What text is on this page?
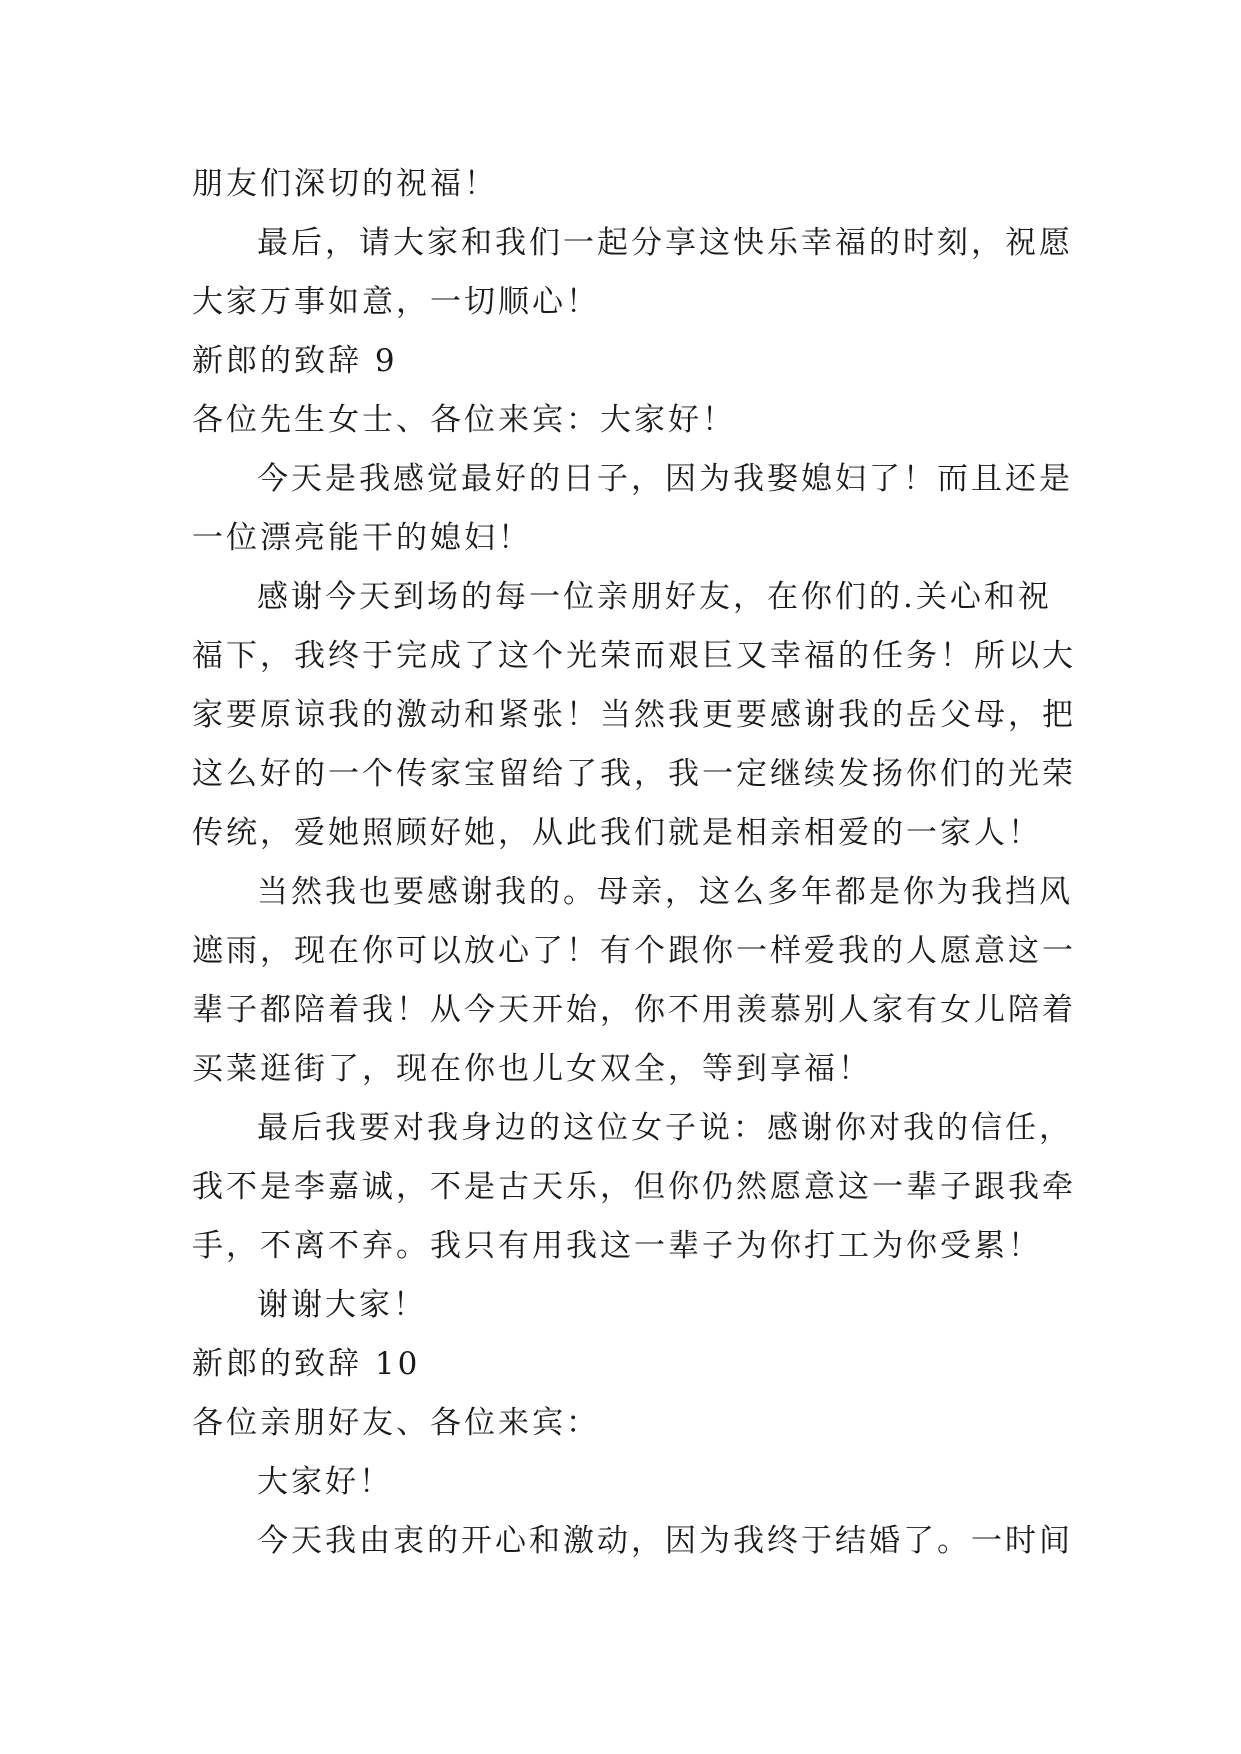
朋友们深切的祝福！
最后，请大家和我们一起分享这快乐幸福的时刻，祝愿
大家万事如意，一切顺心！
新郎的致辞 9
各位先生女士、各位来宾：大家好！
今天是我感觉最好的日子，因为我娶媳妇了！而且还是
一位漂亮能干的媳妇！
感谢今天到场的每一位亲朋好友，在你们的.关心和祝
福下，我终于完成了这个光荣而艰巨又幸福的任务！所以大
家要原谅我的激动和紧张！当然我更要感谢我的岳父母，把
这么好的一个传家宝留给了我，我一定继续发扬你们的光荣
传统，爱她照顾好她，从此我们就是相亲相爱的一家人！
当然我也要感谢我的。母亲，这么多年都是你为我挡风
遮雨，现在你可以放心了！有个跟你一样爱我的人愿意这一
辈子都陪着我！从今天开始，你不用羡慕别人家有女儿陪着
买菜逛街了，现在你也儿女双全，等到享福！
最后我要对我身边的这位女子说：感谢你对我的信任，
我不是李嘉诚，不是古天乐，但你仍然愿意这一辈子跟我牵
手，不离不弃。我只有用我这一辈子为你打工为你受累！
谢谢大家！
新郎的致辞 10
各位亲朋好友、各位来宾：
大家好！
今天我由衷的开心和激动，因为我终于结婚了。一时间
